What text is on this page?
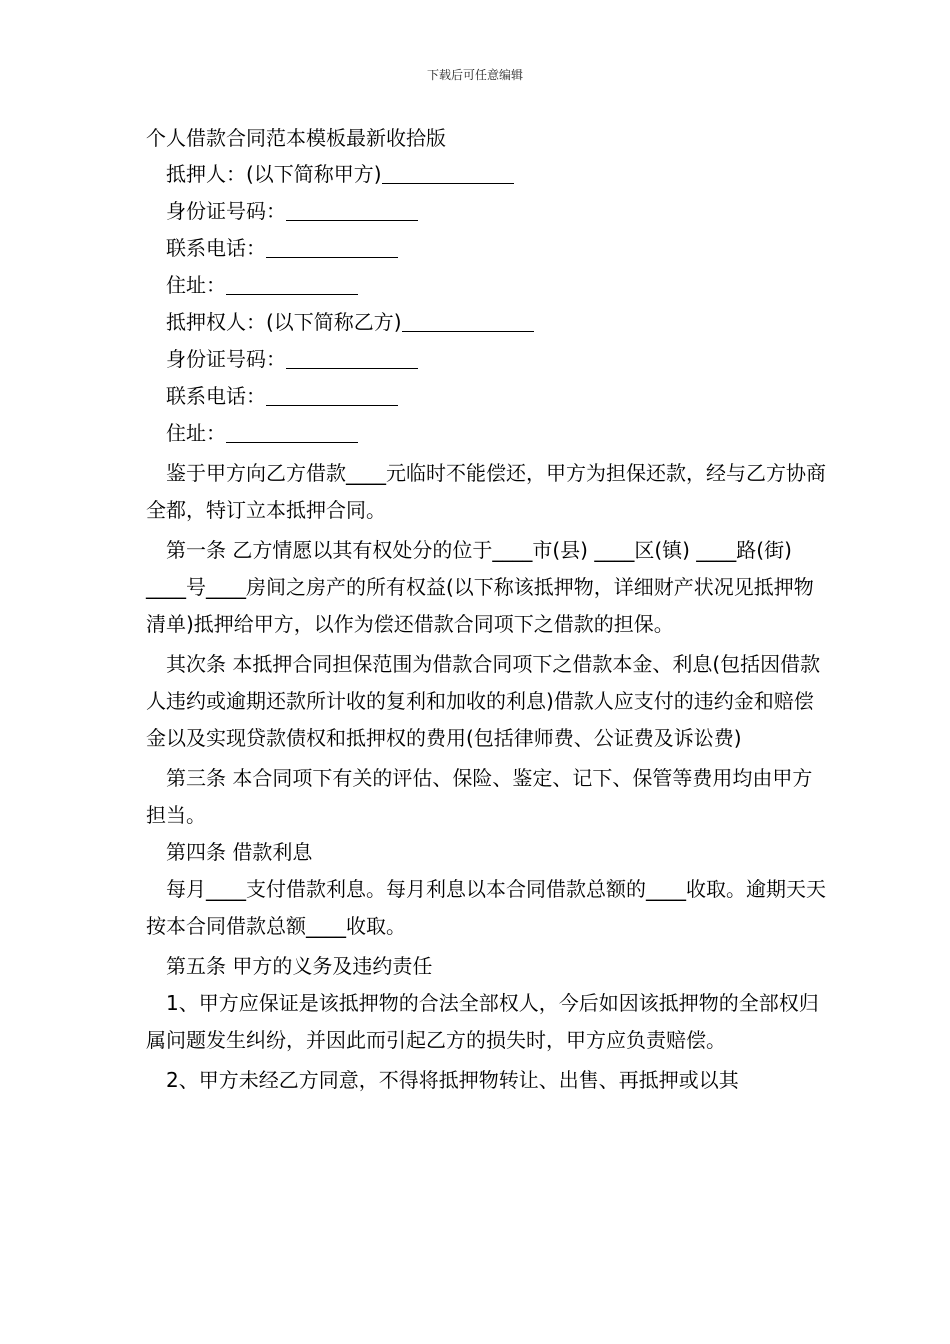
下载后可任意编辑

个人借款合同范本模板最新收拾版

抵押人：(以下简称甲方)

身份证号码：

联系电话：

住址：

抵押权人：(以下简称乙方)

身份证号码：

联系电话：

住址：

鉴于甲方向乙方借款____元临时不能偿还，甲方为担保还款，经与乙方协商全都，特订立本抵押合同。

第一条 乙方情愿以其有权处分的位于____市(县) ____区(镇) ____路(街) ____号____房间之房产的所有权益(以下称该抵押物，详细财产状况见抵押物清单)抵押给甲方，以作为偿还借款合同项下之借款的担保。

其次条 本抵押合同担保范围为借款合同项下之借款本金、利息(包括因借款人违约或逾期还款所计收的复利和加收的利息)借款人应支付的违约金和赔偿金以及实现贷款债权和抵押权的费用(包括律师费、公证费及诉讼费)

第三条 本合同项下有关的评估、保险、鉴定、记下、保管等费用均由甲方担当。

第四条 借款利息

每月____支付借款利息。每月利息以本合同借款总额的____收取。逾期天天按本合同借款总额____收取。

第五条 甲方的义务及违约责任

1、甲方应保证是该抵押物的合法全部权人，今后如因该抵押物的全部权归属问题发生纠纷，并因此而引起乙方的损失时，甲方应负责赔偿。

2、甲方未经乙方同意，不得将抵押物转让、出售、再抵押或以其
